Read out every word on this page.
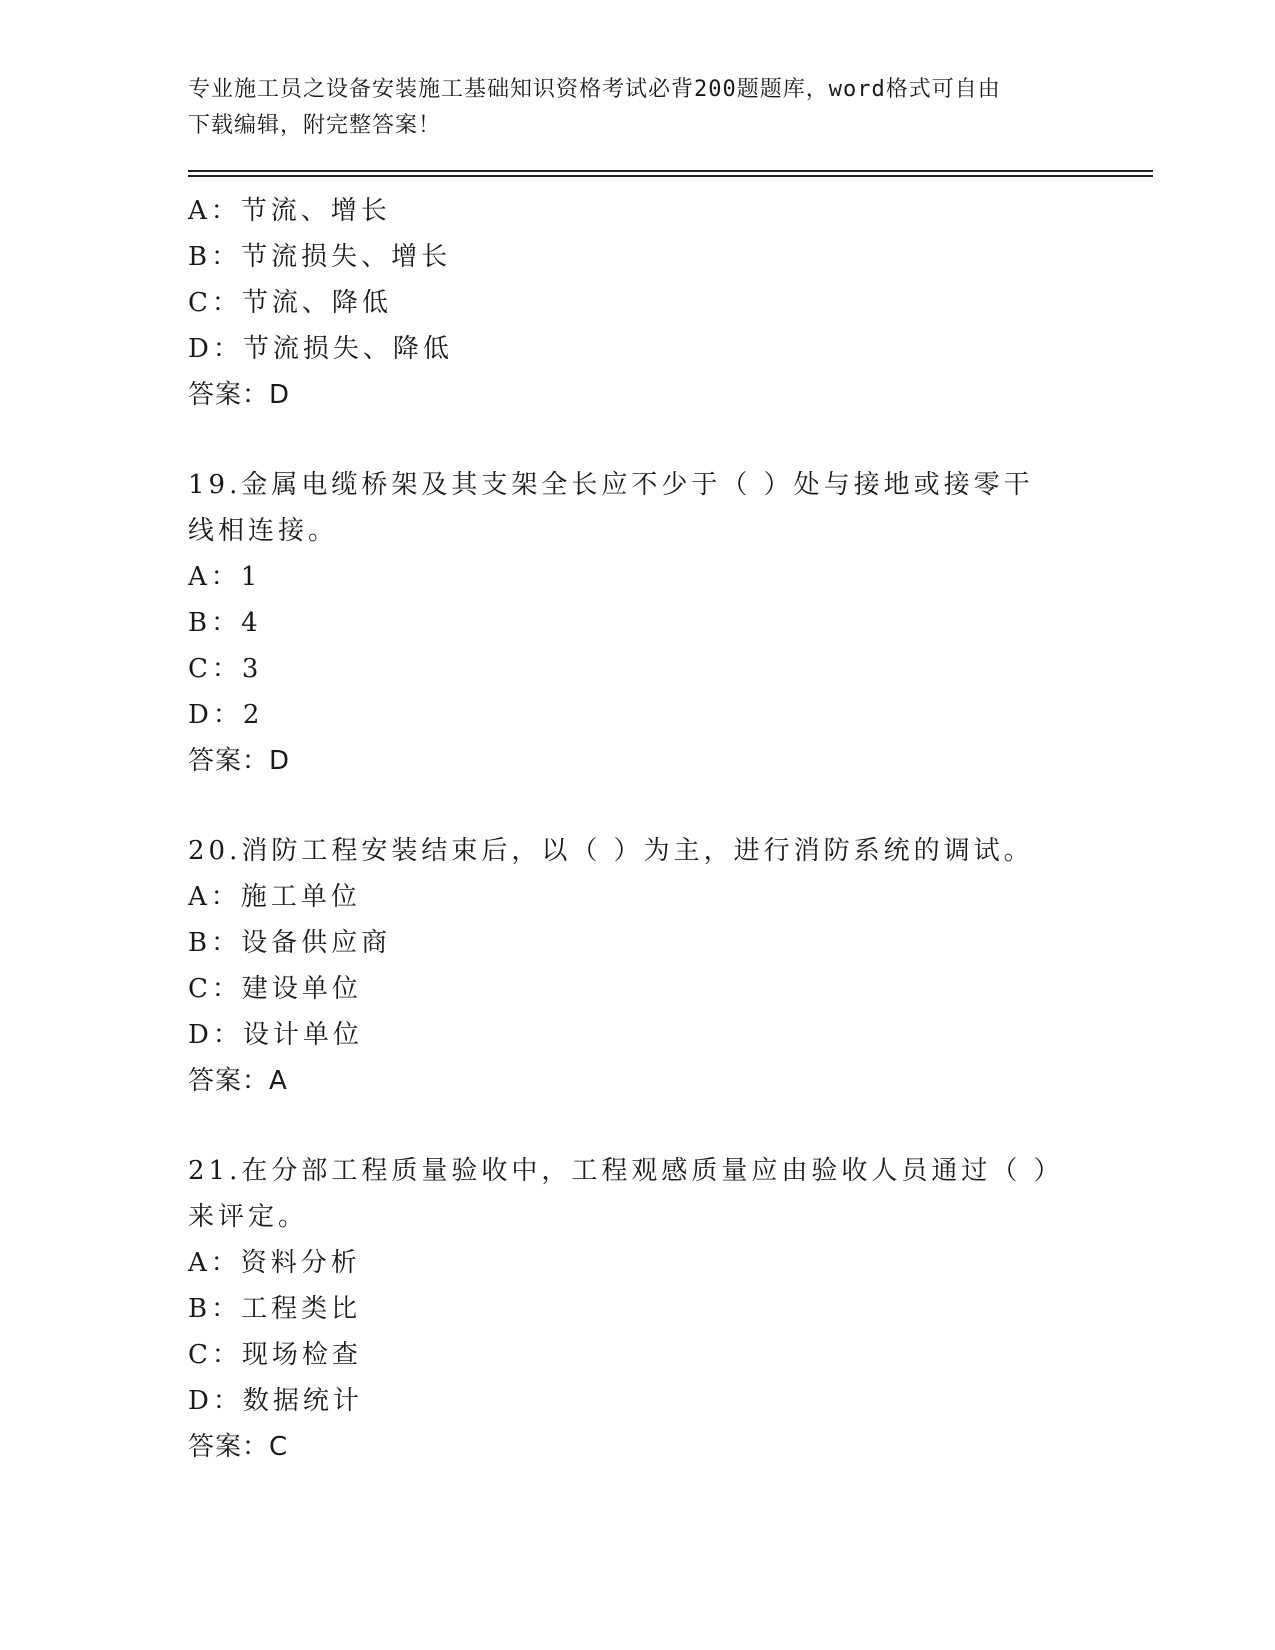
专业施工员之设备安装施工基础知识资格考试必背200题题库，word格式可自由
下载编辑，附完整答案！
A：节流、增长
B：节流损失、增长
C：节流、降低
D：节流损失、降低
答案：D
19.金属电缆桥架及其支架全长应不少于（ ）处与接地或接零干线相连接。
A：1
B：4
C：3
D：2
答案：D
20.消防工程安装结束后，以（ ）为主，进行消防系统的调试。
A：施工单位
B：设备供应商
C：建设单位
D：设计单位
答案：A
21.在分部工程质量验收中，工程观感质量应由验收人员通过（ ）来评定。
A：资料分析
B：工程类比
C：现场检查
D：数据统计
答案：C
